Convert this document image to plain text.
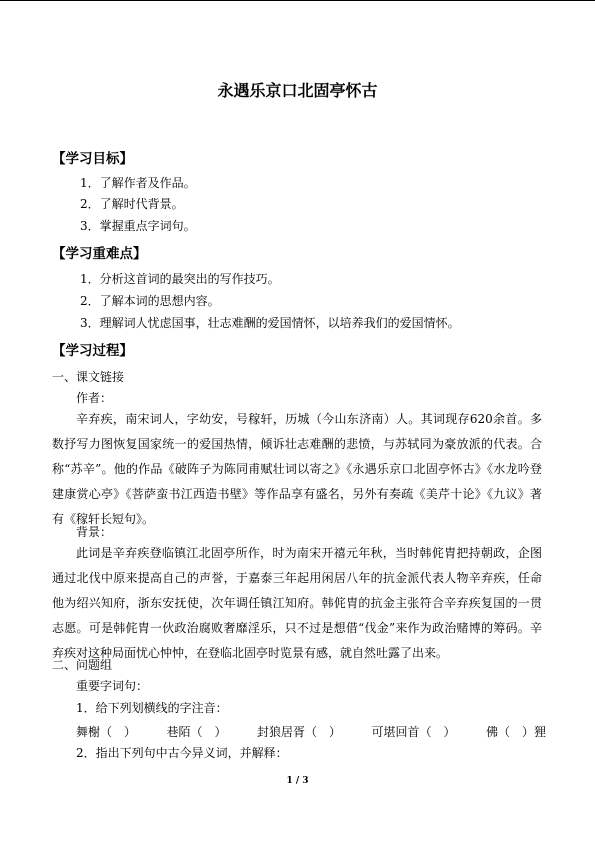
永遇乐京口北固亭怀古
【学习目标】
1．了解作者及作品。
2．了解时代背景。
3．掌握重点字词句。
【学习重难点】
1．分析这首词的最突出的写作技巧。
2．了解本词的思想内容。
3．理解词人忧虑国事，壮志难酬的爱国情怀，以培养我们的爱国情怀。
【学习过程】
一、课文链接
作者：
辛弃疾，南宋词人，字幼安，号稼轩，历城（今山东济南）人。其词现存620余首。多数抒写力图恢复国家统一的爱国热情，倾诉壮志难酬的悲愤，与苏轼同为豪放派的代表。合称“苏辛”。他的作品《破阵子为陈同甫赋壮词以寄之》《永遇乐京口北固亭怀古》《水龙吟登建康赏心亭》《菩萨蛮书江西造书壁》等作品享有盛名，另外有奏疏《美芹十论》《九议》著有《稼轩长短句》。
背景：
此词是辛弃疾登临镇江北固亭所作，时为南宋开禧元年秋，当时韩侂胄把持朝政，企图通过北伐中原来提高自己的声誉，于嘉泰三年起用闲居八年的抗金派代表人物辛弃疾，任命他为绍兴知府，浙东安抚使，次年调任镇江知府。韩侂胄的抗金主张符合辛弃疾复国的一贯志愿。可是韩侂胄一伙政治腐败奢靡淫乐，只不过是想借“伐金”来作为政治赌博的筹码。辛弃疾对这种局面忧心忡忡，在登临北固亭时览景有感，就自然吐露了出来。
二、问题组
重要字词句：
1．给下列划横线的字注音：
舞榭（　）	巷陌（　）	封狼居胥（　）	可堪回首（　）	佛（　）狸
2．指出下列句中古今异义词，并解释：
1 / 3
